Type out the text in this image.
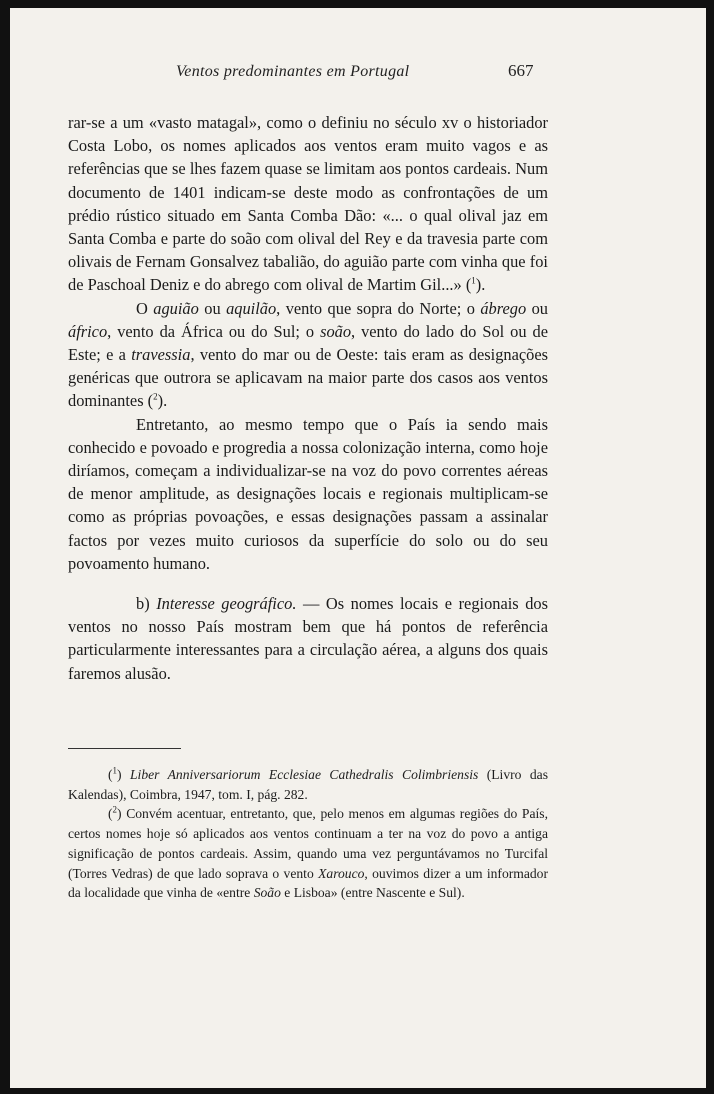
Ventos predominantes em Portugal	667

rar-se a um «vasto matagal», como o definiu no século xv o historiador Costa Lobo, os nomes aplicados aos ventos eram muito vagos e as referências que se lhes fazem quase se limitam aos pontos cardeais. Num documento de 1401 indicam-se deste modo as confrontações de um prédio rústico situado em Santa Comba Dão: «... o qual olival jaz em Santa Comba e parte do soão com olival del Rey e da travesia parte com olivais de Fernam Gonsalvez tabalião, do aguião parte com vinha que foi de Paschoal Deniz e do abrego com olival de Martim Gil...» ($^1$).

O aguião ou aquilão, vento que sopra do Norte; o ábrego ou áfrico, vento da África ou do Sul; o soão, vento do lado do Sol ou de Este; e a travessia, vento do mar ou de Oeste: tais eram as designações genéricas que outrora se aplicavam na maior parte dos casos aos ventos dominantes ($^2$).

Entretanto, ao mesmo tempo que o País ia sendo mais conhecido e povoado e progredia a nossa colonização interna, como hoje diríamos, começam a individualizar-se na voz do povo correntes aéreas de menor amplitude, as designações locais e regionais multiplicam-se como as próprias povoações, e essas designações passam a assinalar factos por vezes muito curiosos da superfície do solo ou do seu povoamento humano.

b) Interesse geográfico. — Os nomes locais e regionais dos ventos no nosso País mostram bem que há pontos de referência particularmente interessantes para a circulação aérea, a alguns dos quais faremos alusão.

($^1$) Liber Anniversariorum Ecclesiae Cathedralis Colimbriensis (Livro das Kalendas), Coimbra, 1947, tom. I, pág. 282.

($^2$) Convém acentuar, entretanto, que, pelo menos em algumas regiões do País, certos nomes hoje só aplicados aos ventos continuam a ter na voz do povo a antiga significação de pontos cardeais. Assim, quando uma vez perguntávamos no Turcifal (Torres Vedras) de que lado soprava o vento Xarouco, ouvimos dizer a um informador da localidade que vinha de «entre Soão e Lisboa» (entre Nascente e Sul).
